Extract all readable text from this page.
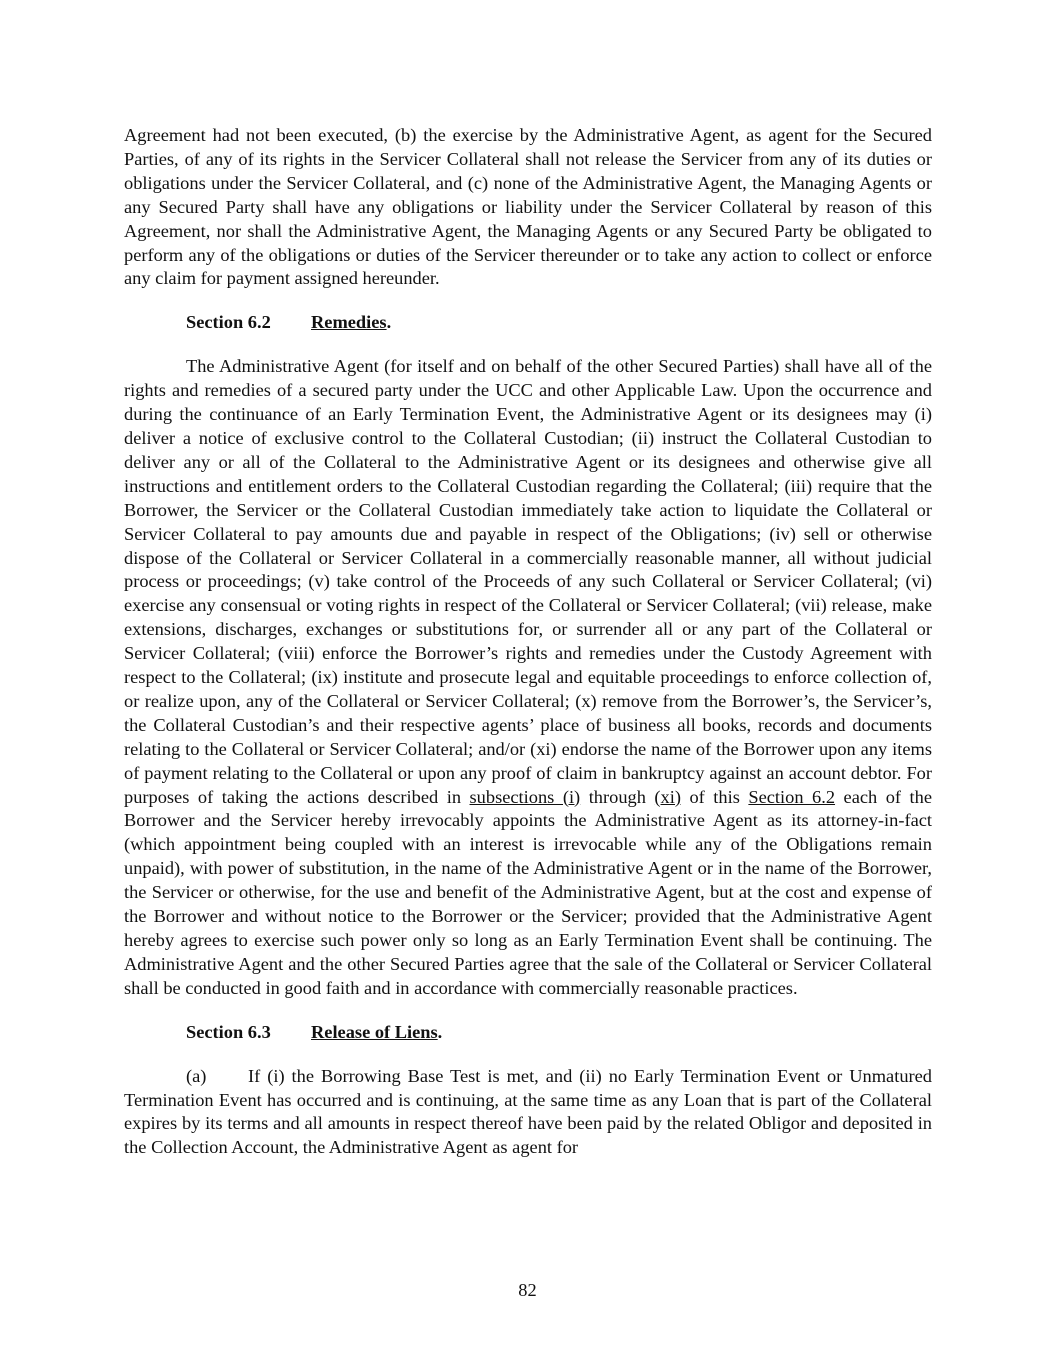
Agreement had not been executed, (b) the exercise by the Administrative Agent, as agent for the Secured Parties, of any of its rights in the Servicer Collateral shall not release the Servicer from any of its duties or obligations under the Servicer Collateral, and (c) none of the Administrative Agent, the Managing Agents or any Secured Party shall have any obligations or liability under the Servicer Collateral by reason of this Agreement, nor shall the Administrative Agent, the Managing Agents or any Secured Party be obligated to perform any of the obligations or duties of the Servicer thereunder or to take any action to collect or enforce any claim for payment assigned hereunder.

Section 6.2 Remedies.

The Administrative Agent (for itself and on behalf of the other Secured Parties) shall have all of the rights and remedies of a secured party under the UCC and other Applicable Law. Upon the occurrence and during the continuance of an Early Termination Event, the Administrative Agent or its designees may (i) deliver a notice of exclusive control to the Collateral Custodian; (ii) instruct the Collateral Custodian to deliver any or all of the Collateral to the Administrative Agent or its designees and otherwise give all instructions and entitlement orders to the Collateral Custodian regarding the Collateral; (iii) require that the Borrower, the Servicer or the Collateral Custodian immediately take action to liquidate the Collateral or Servicer Collateral to pay amounts due and payable in respect of the Obligations; (iv) sell or otherwise dispose of the Collateral or Servicer Collateral in a commercially reasonable manner, all without judicial process or proceedings; (v) take control of the Proceeds of any such Collateral or Servicer Collateral; (vi) exercise any consensual or voting rights in respect of the Collateral or Servicer Collateral; (vii) release, make extensions, discharges, exchanges or substitutions for, or surrender all or any part of the Collateral or Servicer Collateral; (viii) enforce the Borrower’s rights and remedies under the Custody Agreement with respect to the Collateral; (ix) institute and prosecute legal and equitable proceedings to enforce collection of, or realize upon, any of the Collateral or Servicer Collateral; (x) remove from the Borrower’s, the Servicer’s, the Collateral Custodian’s and their respective agents’ place of business all books, records and documents relating to the Collateral or Servicer Collateral; and/or (xi) endorse the name of the Borrower upon any items of payment relating to the Collateral or upon any proof of claim in bankruptcy against an account debtor. For purposes of taking the actions described in subsections (i) through (xi) of this Section 6.2 each of the Borrower and the Servicer hereby irrevocably appoints the Administrative Agent as its attorney-in-fact (which appointment being coupled with an interest is irrevocable while any of the Obligations remain unpaid), with power of substitution, in the name of the Administrative Agent or in the name of the Borrower, the Servicer or otherwise, for the use and benefit of the Administrative Agent, but at the cost and expense of the Borrower and without notice to the Borrower or the Servicer; provided that the Administrative Agent hereby agrees to exercise such power only so long as an Early Termination Event shall be continuing. The Administrative Agent and the other Secured Parties agree that the sale of the Collateral or Servicer Collateral shall be conducted in good faith and in accordance with commercially reasonable practices.

Section 6.3 Release of Liens.

(a) If (i) the Borrowing Base Test is met, and (ii) no Early Termination Event or Unmatured Termination Event has occurred and is continuing, at the same time as any Loan that is part of the Collateral expires by its terms and all amounts in respect thereof have been paid by the related Obligor and deposited in the Collection Account, the Administrative Agent as agent for

82
